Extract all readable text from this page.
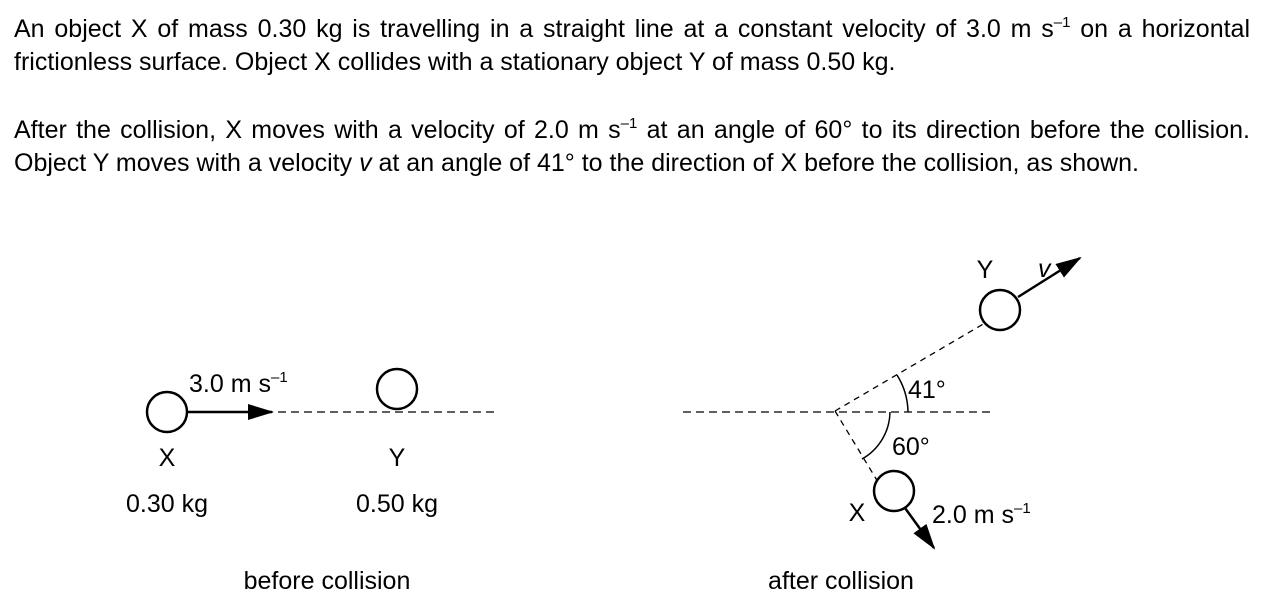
An object X of mass 0.30 kg is travelling in a straight line at a constant velocity of 3.0 m $s^{-1}$ on a horizontal frictionless surface. Object X collides with a stationary object Y of mass 0.50 kg.

After the collision, X moves with a velocity of 2.0 m $s^{-1}$ at an angle of 60° to its direction before the collision. Object Y moves with a velocity v at an angle of 41° to the direction of X before the collision, as shown.

3.0 m $s^{-1}$
X
0.30 kg
Y
0.50 kg
before collision
Y v
41°
60°
X	2.0 m $s^{-1}$
after collision
